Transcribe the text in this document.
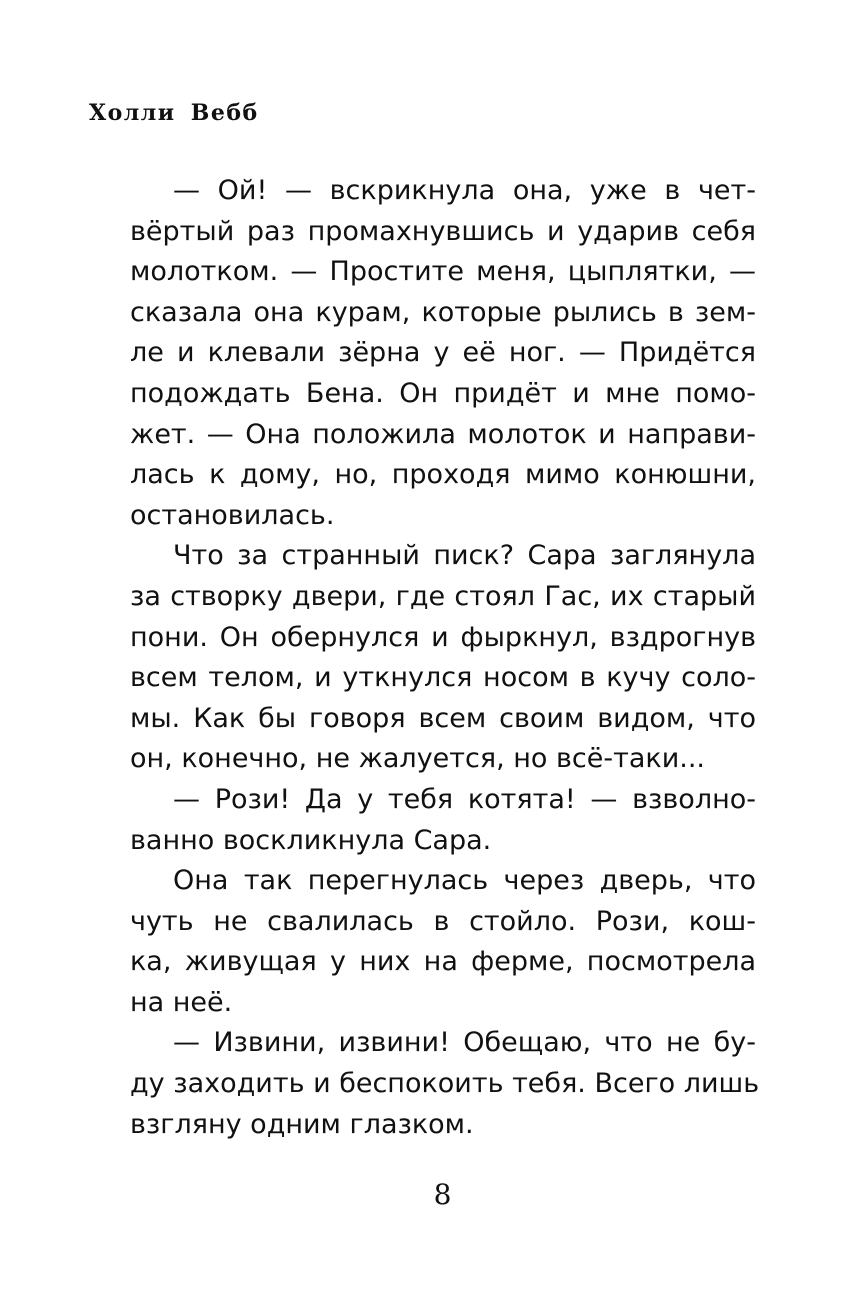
Холли Вебб

— Ой! — вскрикнула она, уже в чет-
вёртый раз промахнувшись и ударив себя
молотком. — Простите меня, цыплятки, —
сказала она курам, которые рылись в зем-
ле и клевали зёрна у её ног. — Придётся
подождать Бена. Он придёт и мне помо-
жет. — Она положила молоток и направи-
лась к дому, но, проходя мимо конюшни,
остановилась.

Что за странный писк? Сара заглянула
за створку двери, где стоял Гас, их старый
пони. Он обернулся и фыркнул, вздрогнув
всем телом, и уткнулся носом в кучу соло-
мы. Как бы говоря всем своим видом, что
он, конечно, не жалуется, но всё-таки...

— Рози! Да у тебя котята! — взволно-
ванно воскликнула Сара.

Она так перегнулась через дверь, что
чуть не свалилась в стойло. Рози, кош-
ка, живущая у них на ферме, посмотрела
на неё.

— Извини, извини! Обещаю, что не бу-
ду заходить и беспокоить тебя. Всего лишь
взгляну одним глазком.

8
